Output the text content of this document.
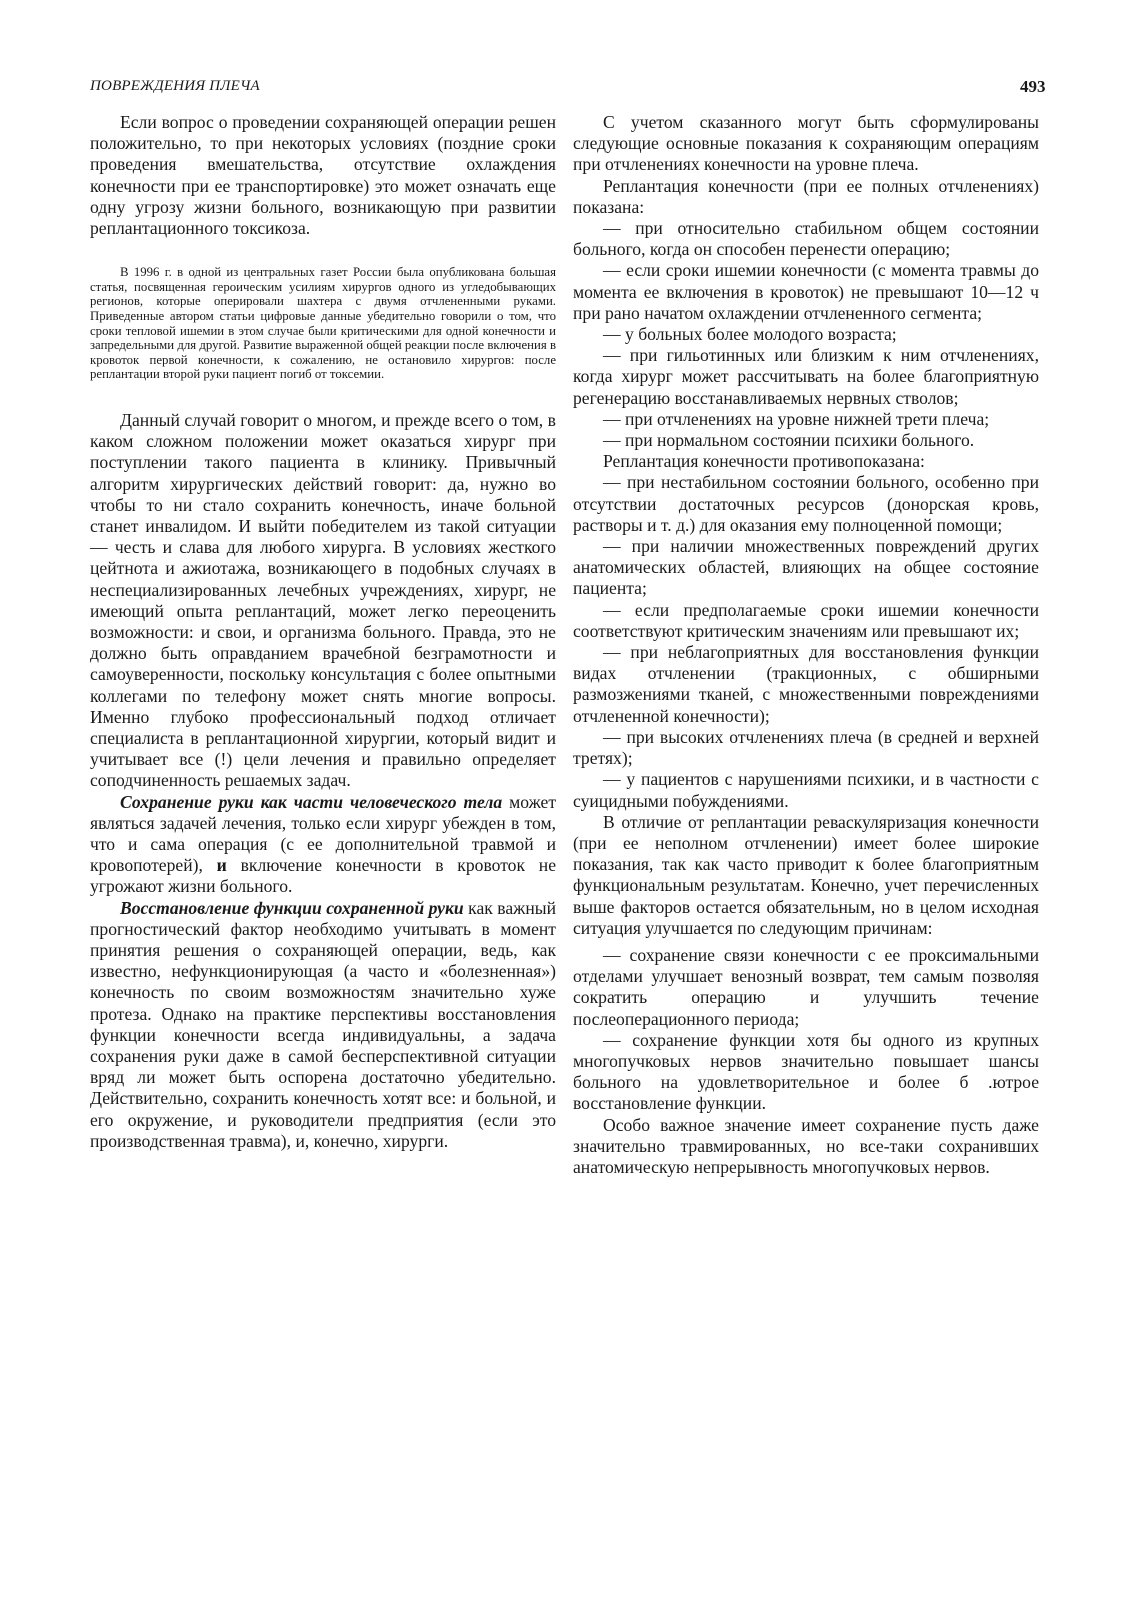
ПОВРЕЖДЕНИЯ ПЛЕЧА	493

Если вопрос о проведении сохраняющей операции решен положительно, то при некоторых условиях (поздние сроки проведения вмешательства, отсутствие охлаждения конечности при ее транспортировке) это может означать еще одну угрозу жизни больного, возникающую при развитии реплантационного токсикоза.

В 1996 г. в одной из центральных газет России была опубликована большая статья, посвященная героическим усилиям хирургов одного из угледобывающих регионов, которые оперировали шахтера с двумя отчлененными руками. Приведенные автором статьи цифровые данные убедительно говорили о том, что сроки тепловой ишемии в этом случае были критическими для одной конечности и запредельными для другой. Развитие выраженной общей реакции после включения в кровоток первой конечности, к сожалению, не остановило хирургов: после реплантации второй руки пациент погиб от токсемии.

Данный случай говорит о многом, и прежде всего о том, в каком сложном положении может оказаться хирург при поступлении такого пациента в клинику. Привычный алгоритм хирургических действий говорит: да, нужно во чтобы то ни стало сохранить конечность, иначе больной станет инвалидом. И выйти победителем из такой ситуации — честь и слава для любого хирурга. В условиях жесткого цейтнота и ажиотажа, возникающего в подобных случаях в неспециализированных лечебных учреждениях, хирург, не имеющий опыта реплантаций, может легко переоценить возможности: и свои, и организма больного. Правда, это не должно быть оправданием врачебной безграмотности и самоуверенности, поскольку консультация с более опытными коллегами по телефону может снять многие вопросы. Именно глубоко профессиональный подход отличает специалиста в реплантационной хирургии, который видит и учитывает все (!) цели лечения и правильно определяет соподчиненность решаемых задач.

Сохранение руки как части человеческого тела может являться задачей лечения, только если хирург убежден в том, что и сама операция (с ее дополнительной травмой и кровопотерей), и включение конечности в кровоток не угрожают жизни больного.

Восстановление функции сохраненной руки как важный прогностический фактор необходимо учитывать в момент принятия решения о сохраняющей операции, ведь, как известно, нефункционирующая (а часто и «болезненная») конечность по своим возможностям значительно хуже протеза. Однако на практике перспективы восстановления функции конечности всегда индивидуальны, а задача сохранения руки даже в самой бесперспективной ситуации вряд ли может быть оспорена достаточно убедительно. Действительно, сохранить конечность хотят все: и больной, и его окружение, и руководители предприятия (если это производственная травма), и, конечно, хирурги.

С учетом сказанного могут быть сформулированы следующие основные показания к сохраняющим операциям при отчленениях конечности на уровне плеча.

Реплантация конечности (при ее полных отчленениях) показана:

— при относительно стабильном общем состоянии больного, когда он способен перенести операцию;

— если сроки ишемии конечности (с момента травмы до момента ее включения в кровоток) не превышают 10—12 ч при рано начатом охлаждении отчлененного сегмента;

— у больных более молодого возраста;

— при гильотинных или близким к ним отчленениях, когда хирург может рассчитывать на более благоприятную регенерацию восстанавливаемых нервных стволов;

— при отчленениях на уровне нижней трети плеча;

— при нормальном состоянии психики больного.

Реплантация конечности противопоказана:

— при нестабильном состоянии больного, особенно при отсутствии достаточных ресурсов (донорская кровь, растворы и т. д.) для оказания ему полноценной помощи;

— при наличии множественных повреждений других анатомических областей, влияющих на общее состояние пациента;

— если предполагаемые сроки ишемии конечности соответствуют критическим значениям или превышают их;

— при неблагоприятных для восстановления функции видах отчленении (тракционных, с обширными размозжениями тканей, с множественными повреждениями отчлененной конечности);

— при высоких отчленениях плеча (в средней и верхней третях);

— у пациентов с нарушениями психики, и в частности с суицидными побуждениями.

В отличие от реплантации реваскуляризация конечности (при ее неполном отчленении) имеет более широкие показания, так как часто приводит к более благоприятным функциональным результатам. Конечно, учет перечисленных выше факторов остается обязательным, но в целом исходная ситуация улучшается по следующим причинам:

— сохранение связи конечности с ее проксимальными отделами улучшает венозный возврат, тем самым позволяя сократить операцию и улучшить течение послеоперационного периода;

— сохранение функции хотя бы одного из крупных многопучковых нервов значительно повышает шансы больного на удовлетворительное и более б .ютрое восстановление функции.

Особо важное значение имеет сохранение пусть даже значительно травмированных, но все-таки сохранивших анатомическую непрерывность многопучковых нервов.
